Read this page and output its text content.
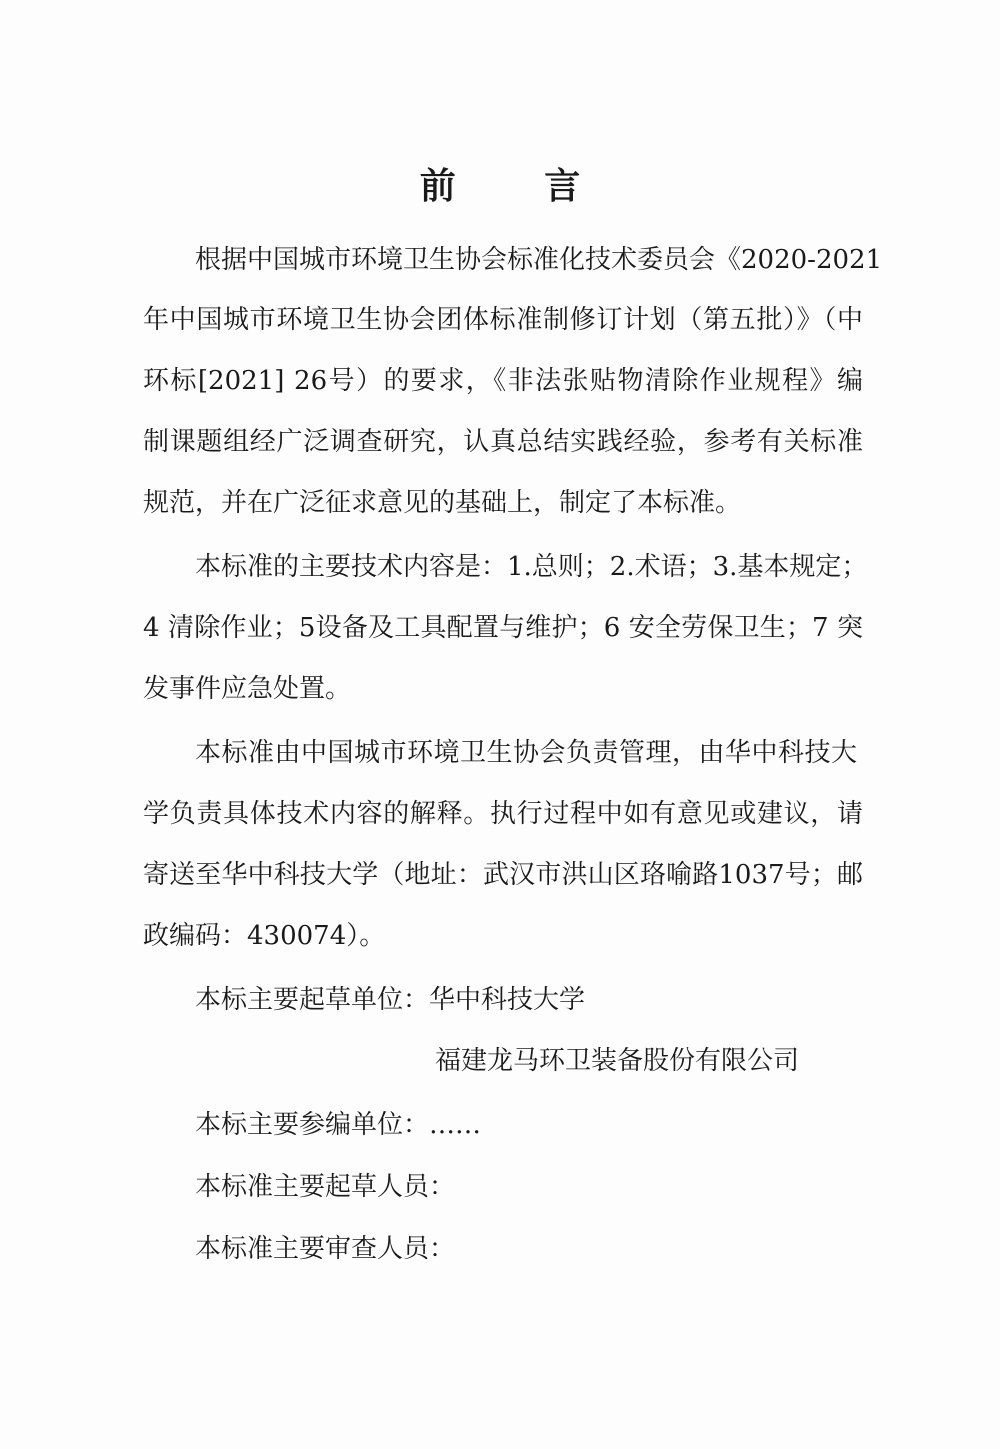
前 言
根据中国城市环境卫生协会标准化技术委员会《2020-2021
年中国城市环境卫生协会团体标准制修订计划（第五批）》（中
环标[2021] 26号）的要求，《非法张贴物清除作业规程》编
制课题组经广泛调查研究，认真总结实践经验，参考有关标准
规范，并在广泛征求意见的基础上，制定了本标准。
本标准的主要技术内容是：1.总则；2.术语；3.基本规定；
4 清除作业；5设备及工具配置与维护；6 安全劳保卫生；7 突
发事件应急处置。
本标准由中国城市环境卫生协会负责管理，由华中科技大
学负责具体技术内容的解释。执行过程中如有意见或建议，请
寄送至华中科技大学（地址：武汉市洪山区珞喻路1037号；邮
政编码：430074）。
本标主要起草单位：华中科技大学
福建龙马环卫装备股份有限公司
本标主要参编单位：……
本标准主要起草人员：
本标准主要审查人员：
